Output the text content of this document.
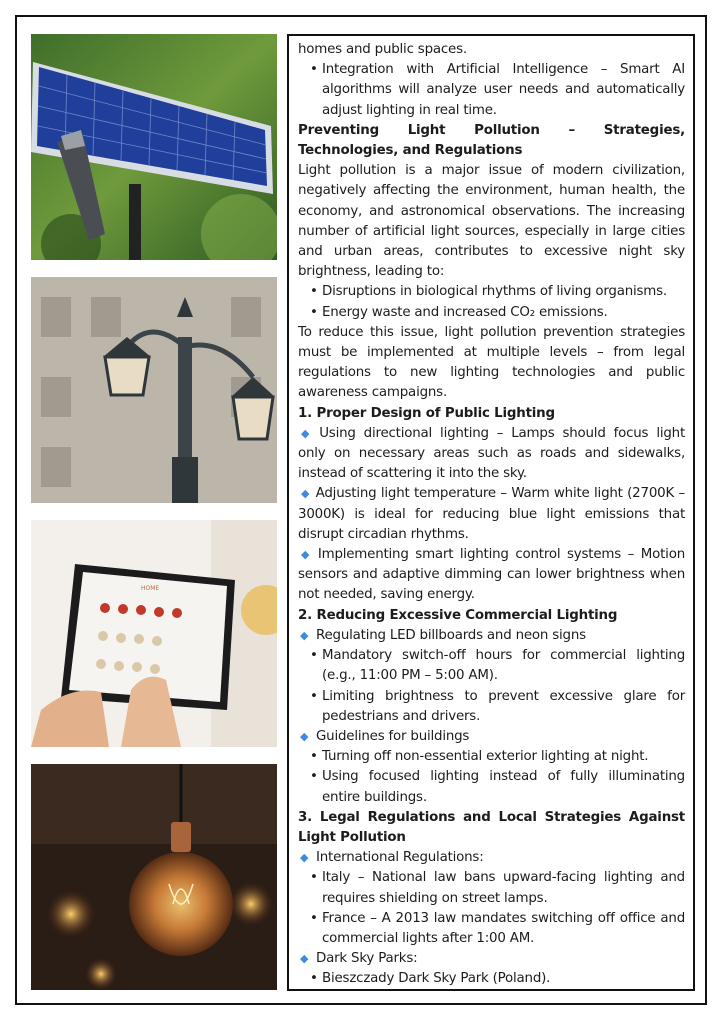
HOME

homes and public spaces.

• Integration with Artificial Intelligence – Smart AI algorithms will analyze user needs and automatically adjust lighting in real time.

Preventing Light Pollution – Strategies, Technologies, and Regulations

Light pollution is a major issue of modern civilization, negatively affecting the environment, human health, the economy, and astronomical observations. The increasing number of artificial light sources, especially in large cities and urban areas, contributes to excessive night sky brightness, leading to:

• Disruptions in biological rhythms of living organisms.

• Energy waste and increased CO₂ emissions.

To reduce this issue, light pollution prevention strategies must be implemented at multiple levels – from legal regulations to new lighting technologies and public awareness campaigns.

1. Proper Design of Public Lighting

◆ Using directional lighting – Lamps should focus light only on necessary areas such as roads and sidewalks, instead of scattering it into the sky.

◆ Adjusting light temperature – Warm white light (2700K – 3000K) is ideal for reducing blue light emissions that disrupt circadian rhythms.

◆ Implementing smart lighting control systems – Motion sensors and adaptive dimming can lower brightness when not needed, saving energy.

2. Reducing Excessive Commercial Lighting

◆ Regulating LED billboards and neon signs

• Mandatory switch-off hours for commercial lighting (e.g., 11:00 PM – 5:00 AM).

• Limiting brightness to prevent excessive glare for pedestrians and drivers.

◆ Guidelines for buildings

• Turning off non-essential exterior lighting at night.

• Using focused lighting instead of fully illuminating entire buildings.

3. Legal Regulations and Local Strategies Against Light Pollution

◆ International Regulations:

• Italy – National law bans upward-facing lighting and requires shielding on street lamps.

• France – A 2013 law mandates switching off office and commercial lights after 1:00 AM.

◆ Dark Sky Parks:

• Bieszczady Dark Sky Park (Poland).
